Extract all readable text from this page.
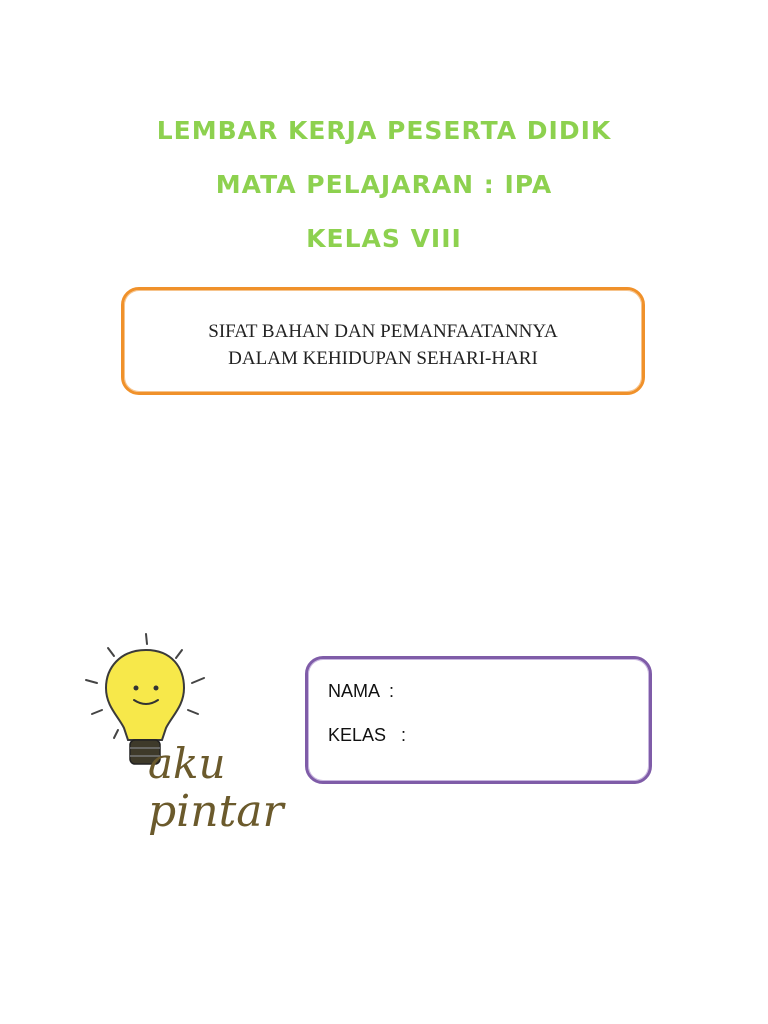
LEMBAR KERJA PESERTA DIDIK
MATA PELAJARAN : IPA
KELAS VIII
SIFAT BAHAN DAN PEMANFAATANNYA
DALAM KEHIDUPAN SEHARI-HARI
aku
pintar
NAMA  :
KELAS   :
